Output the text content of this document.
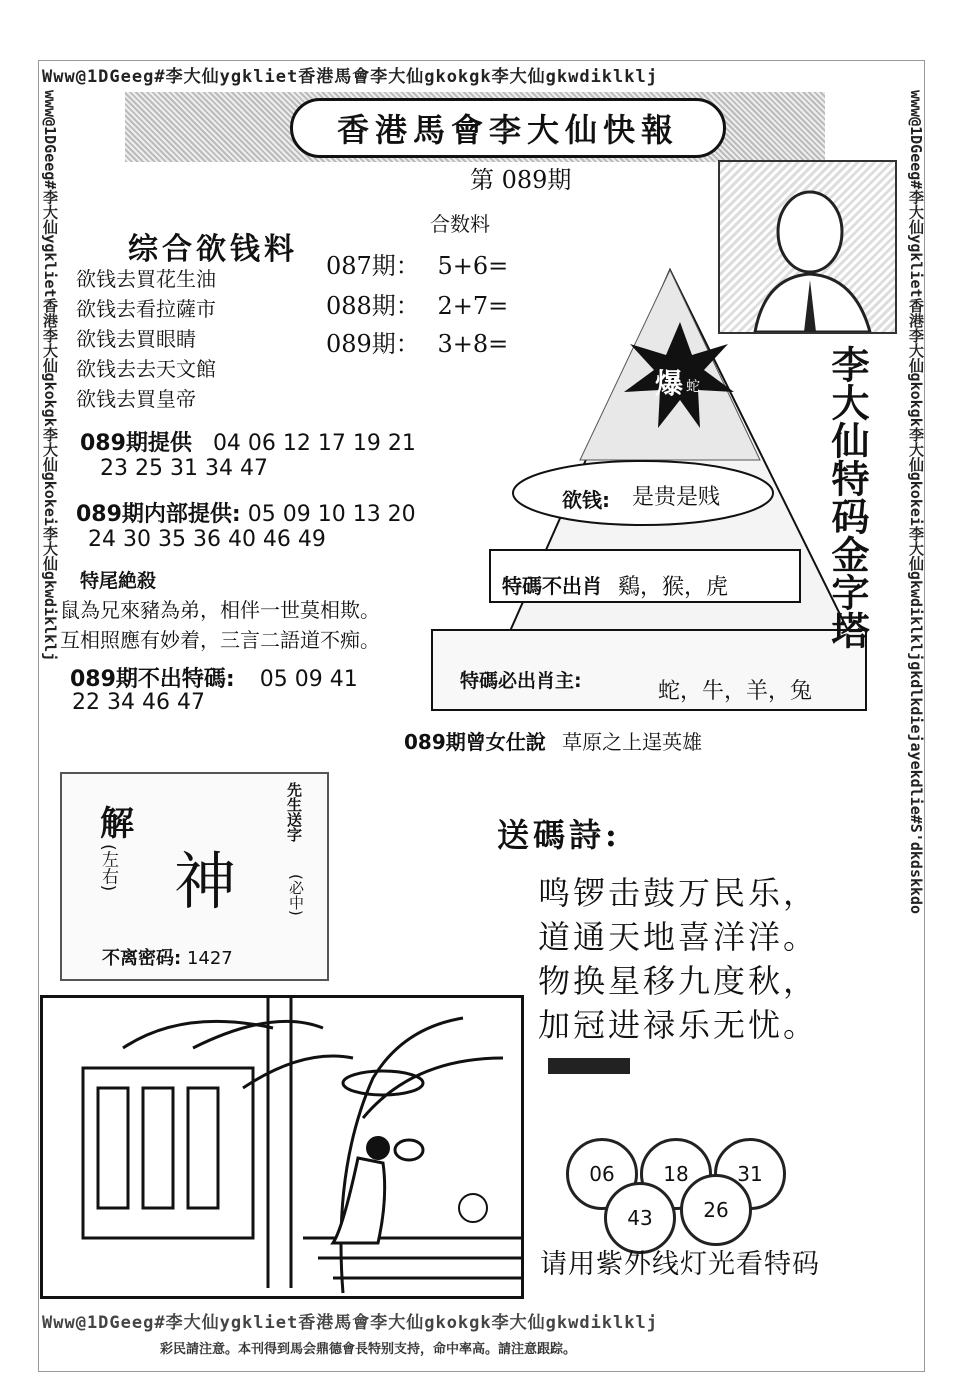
Www@1DGeeg#李大仙ygkliet香港馬會李大仙gkokgk李大仙gkwdiklklj
Www@1DGeeg#李大仙ygkliet香港馬會李大仙gkokgk李大仙gkwdiklklj
彩民請注意。本刊得到馬会鼎德會長特别支持，命中率高。請注意跟踪。
www@1DGeeg#李大仙ygkliet香港李大仙gkokgk李大仙gkokei李大仙gkwdiklklj	www@1DGeeg#李大仙ygkliet香港李大仙gkokgk李大仙gkokei李大仙gkwdiklkljgkdlkdiejayekdlie#S'dkdskkdo
香港馬會李大仙快報
第 089期
合数料
087期： 5+6=
088期： 2+7=
089期： 3+8=
综合欲钱料
欲钱去買花生油
欲钱去看拉薩市
欲钱去買眼睛
欲钱去去天文館
欲钱去買皇帝
089期提供 04 06 12 17 19 21
23 25 31 34 47
089期内部提供: 05 09 10 13 20
24 30 35 36 40 46 49
特尾絶殺
鼠為兄來豬為弟，相伴一世莫相欺。
互相照應有妙着，三言二語道不痴。
089期不出特碼: 05 09 41
22 34 46 47
爆 蛇
欲钱: 是贵是贱
特碼不出肖 鷄，猴，虎
特碼必出肖主:	蛇，牛，羊，兔
李大仙特码金字塔
089期曾女仕說 草原之上逞英雄
解
(左右) 神
先生送字
(必中)
不离密码: 1427
送碼詩:
鸣锣击鼓万民乐，
道通天地喜洋洋。
物换星移九度秋，
加冠进禄乐无忧。
06	18	31
43	26
请用紫外线灯光看特码
